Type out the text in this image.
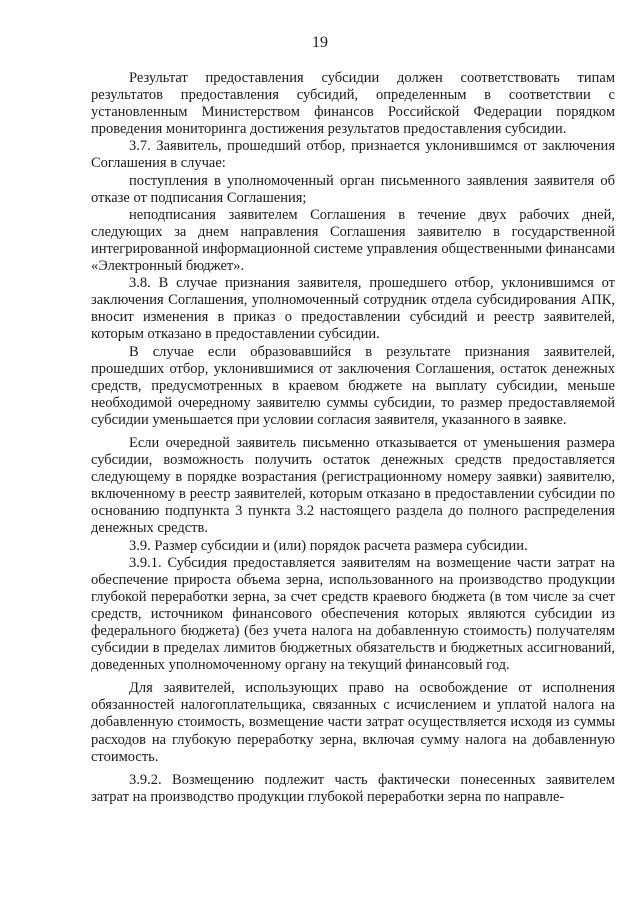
19

Результат предоставления субсидии должен соответствовать типам результатов предоставления субсидий, определенным в соответствии с установленным Министерством финансов Российской Федерации порядком проведения мониторинга достижения результатов предоставления субсидии.

3.7. Заявитель, прошедший отбор, признается уклонившимся от заключения Соглашения в случае:

поступления в уполномоченный орган письменного заявления заявителя об отказе от подписания Соглашения;

неподписания заявителем Соглашения в течение двух рабочих дней, следующих за днем направления Соглашения заявителю в государственной интегрированной информационной системе управления общественными финансами «Электронный бюджет».

3.8. В случае признания заявителя, прошедшего отбор, уклонившимся от заключения Соглашения, уполномоченный сотрудник отдела субсидирования АПК, вносит изменения в приказ о предоставлении субсидий и реестр заявителей, которым отказано в предоставлении субсидии.

В случае если образовавшийся в результате признания заявителей, прошедших отбор, уклонившимися от заключения Соглашения, остаток денежных средств, предусмотренных в краевом бюджете на выплату субсидии, меньше необходимой очередному заявителю суммы субсидии, то размер предоставляемой субсидии уменьшается при условии согласия заявителя, указанного в заявке.

Если очередной заявитель письменно отказывается от уменьшения размера субсидии, возможность получить остаток денежных средств предоставляется следующему в порядке возрастания (регистрационному номеру заявки) заявителю, включенному в реестр заявителей, которым отказано в предоставлении субсидии по основанию подпункта 3 пункта 3.2 настоящего раздела до полного распределения денежных средств.

3.9. Размер субсидии и (или) порядок расчета размера субсидии.

3.9.1. Субсидия предоставляется заявителям на возмещение части затрат на обеспечение прироста объема зерна, использованного на производство продукции глубокой переработки зерна, за счет средств краевого бюджета (в том числе за счет средств, источником финансового обеспечения которых являются субсидии из федерального бюджета) (без учета налога на добавленную стоимость) получателям субсидии в пределах лимитов бюджетных обязательств и бюджетных ассигнований, доведенных уполномоченному органу на текущий финансовый год.

Для заявителей, использующих право на освобождение от исполнения обязанностей налогоплательщика, связанных с исчислением и уплатой налога на добавленную стоимость, возмещение части затрат осуществляется исходя из суммы расходов на глубокую переработку зерна, включая сумму налога на добавленную стоимость.

3.9.2. Возмещению подлежит часть фактически понесенных заявителем затрат на производство продукции глубокой переработки зерна по направле-
